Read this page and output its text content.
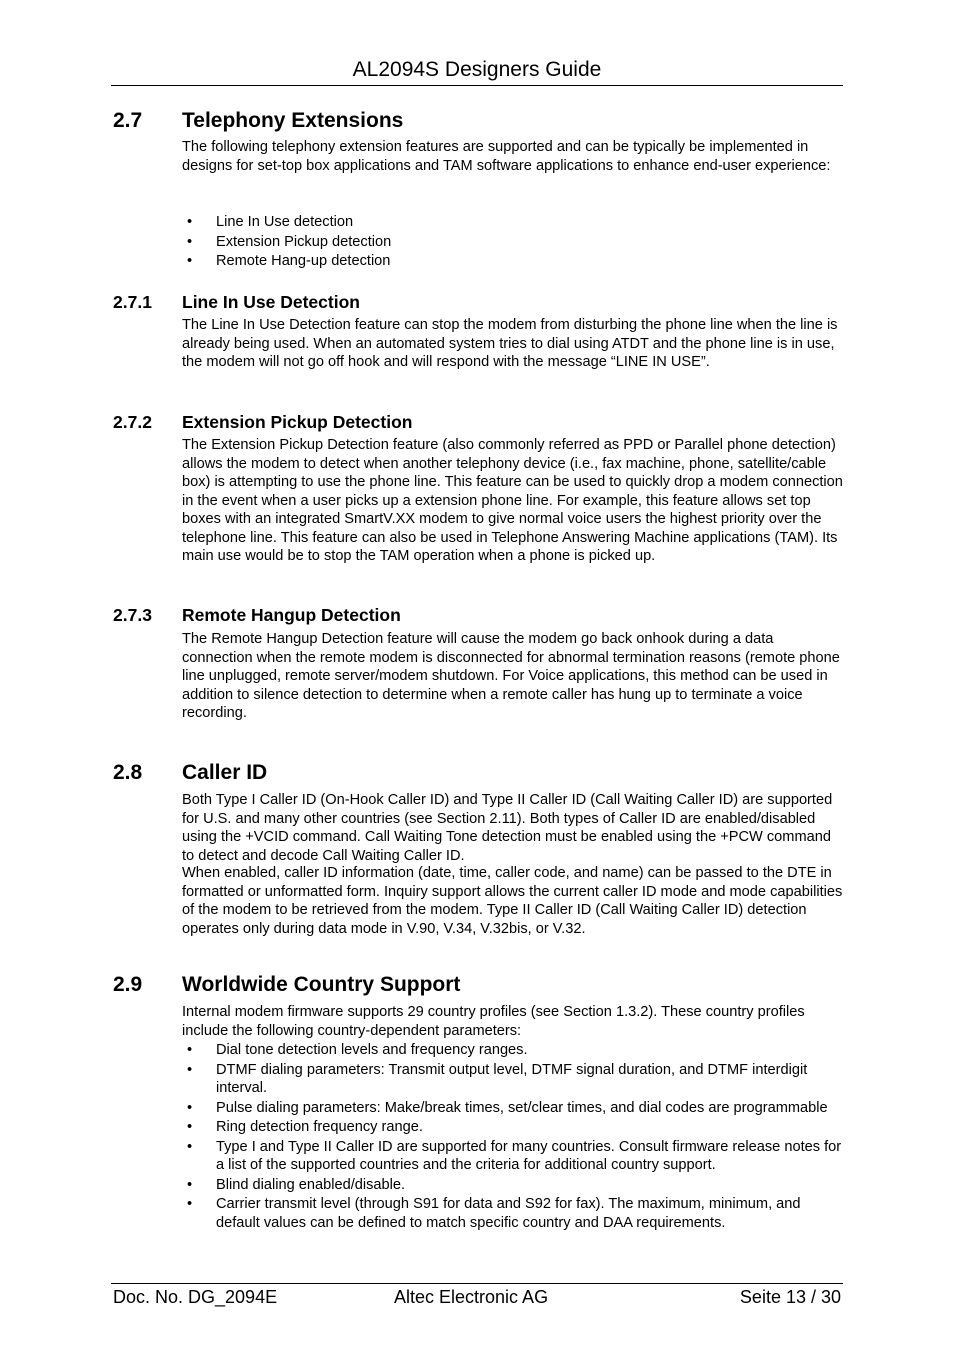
AL2094S Designers Guide
2.7 Telephony Extensions

The following telephony extension features are supported and can be typically be implemented in designs for set-top box applications and TAM software applications to enhance end-user experience:

• Line In Use detection
• Extension Pickup detection
• Remote Hang-up detection
2.7.1 Line In Use Detection

The Line In Use Detection feature can stop the modem from disturbing the phone line when the line is already being used. When an automated system tries to dial using ATDT and the phone line is in use, the modem will not go off hook and will respond with the message “LINE IN USE”.

2.7.2 Extension Pickup Detection

The Extension Pickup Detection feature (also commonly referred as PPD or Parallel phone detection) allows the modem to detect when another telephony device (i.e., fax machine, phone, satellite/cable box) is attempting to use the phone line. This feature can be used to quickly drop a modem connection in the event when a user picks up a extension phone line. For example, this feature allows set top boxes with an integrated SmartV.XX modem to give normal voice users the highest priority over the telephone line. This feature can also be used in Telephone Answering Machine applications (TAM). Its main use would be to stop the TAM operation when a phone is picked up.

2.7.3 Remote Hangup Detection

The Remote Hangup Detection feature will cause the modem go back onhook during a data connection when the remote modem is disconnected for abnormal termination reasons (remote phone line unplugged, remote server/modem shutdown. For Voice applications, this method can be used in addition to silence detection to determine when a remote caller has hung up to terminate a voice recording.

2.8 Caller ID

Both Type I Caller ID (On-Hook Caller ID) and Type II Caller ID (Call Waiting Caller ID) are supported for U.S. and many other countries (see Section 2.11). Both types of Caller ID are enabled/disabled using the +VCID command. Call Waiting Tone detection must be enabled using the +PCW command to detect and decode Call Waiting Caller ID.

When enabled, caller ID information (date, time, caller code, and name) can be passed to the DTE in formatted or unformatted form. Inquiry support allows the current caller ID mode and mode capabilities of the modem to be retrieved from the modem. Type II Caller ID (Call Waiting Caller ID) detection operates only during data mode in V.90, V.34, V.32bis, or V.32.

2.9 Worldwide Country Support

Internal modem firmware supports 29 country profiles (see Section 1.3.2). These country profiles include the following country-dependent parameters:

• Dial tone detection levels and frequency ranges.
• DTMF dialing parameters: Transmit output level, DTMF signal duration, and DTMF interdigit interval.
• Pulse dialing parameters: Make/break times, set/clear times, and dial codes are programmable
• Ring detection frequency range.
• Type I and Type II Caller ID are supported for many countries. Consult firmware release notes for a list of the supported countries and the criteria for additional country support.
• Blind dialing enabled/disable.
• Carrier transmit level (through S91 for data and S92 for fax). The maximum, minimum, and default values can be defined to match specific country and DAA requirements.
Doc. No. DG_2094E	Altec Electronic AG	Seite 13 / 30
